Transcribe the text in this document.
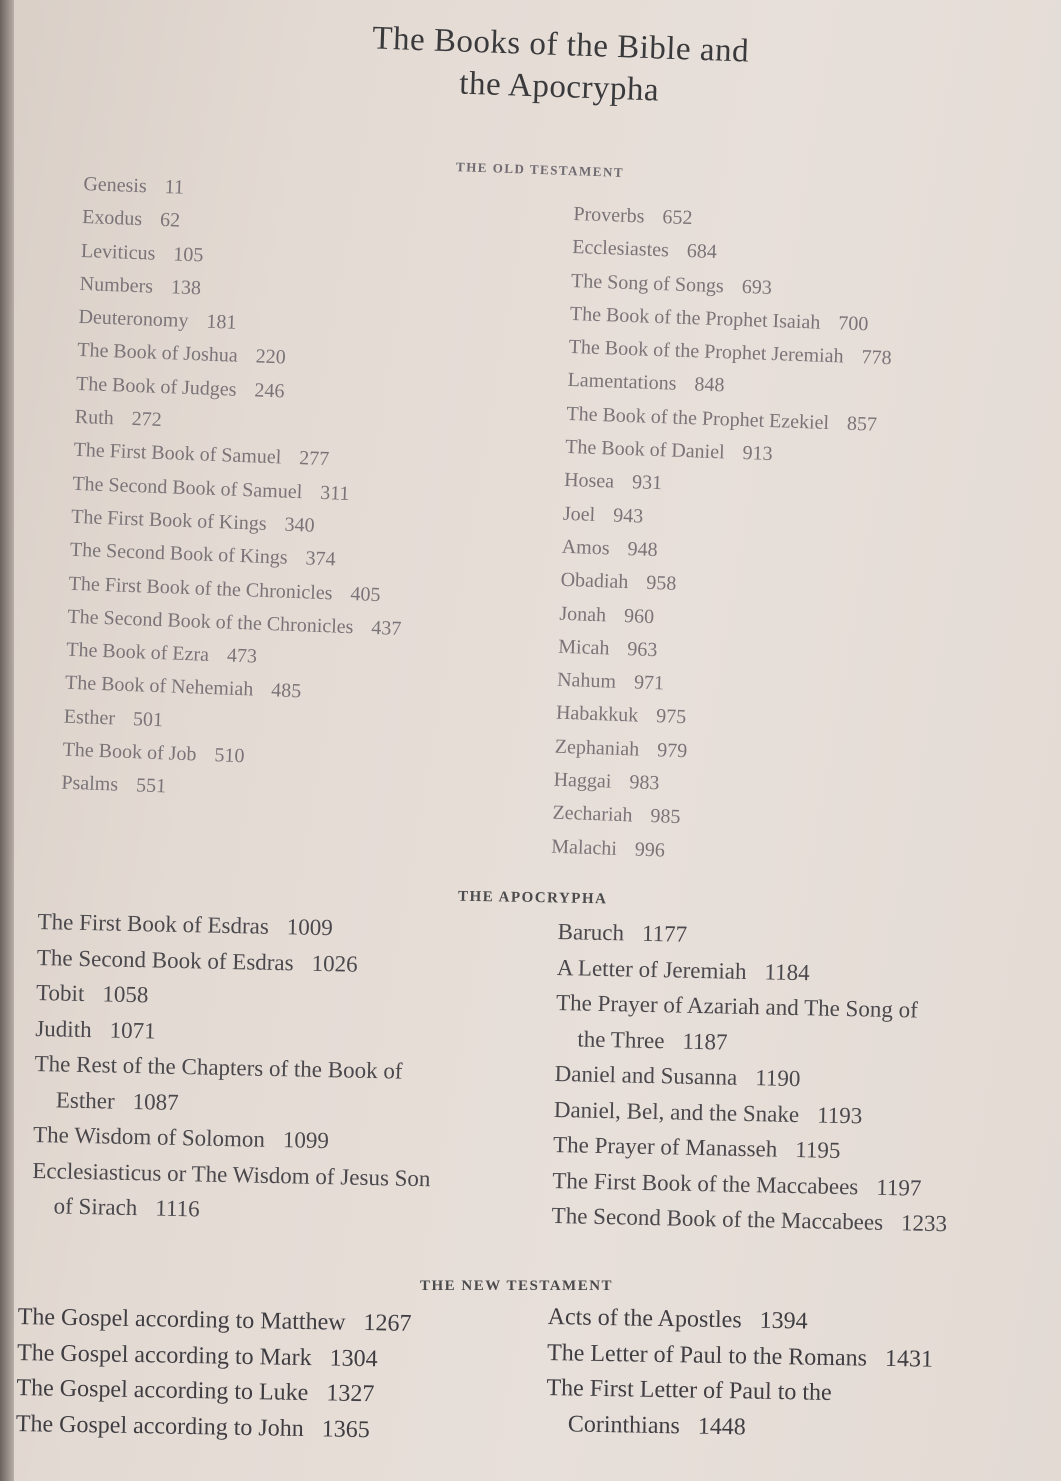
The Books of the Bible and
the Apocrypha
THE OLD TESTAMENT
Genesis 11
Exodus 62
Leviticus 105
Numbers 138
Deuteronomy 181
The Book of Joshua 220
The Book of Judges 246
Ruth 272
The First Book of Samuel 277
The Second Book of Samuel 311
The First Book of Kings 340
The Second Book of Kings 374
The First Book of the Chronicles 405
The Second Book of the Chronicles 437
The Book of Ezra 473
The Book of Nehemiah 485
Esther 501
The Book of Job 510
Psalms 551
Proverbs 652
Ecclesiastes 684
The Song of Songs 693
The Book of the Prophet Isaiah 700
The Book of the Prophet Jeremiah 778
Lamentations 848
The Book of the Prophet Ezekiel 857
The Book of Daniel 913
Hosea 931
Joel 943
Amos 948
Obadiah 958
Jonah 960
Micah 963
Nahum 971
Habakkuk 975
Zephaniah 979
Haggai 983
Zechariah 985
Malachi 996
THE APOCRYPHA
The First Book of Esdras 1009
The Second Book of Esdras 1026
Tobit 1058
Judith 1071
The Rest of the Chapters of the Book of
Esther 1087
The Wisdom of Solomon 1099
Ecclesiasticus or The Wisdom of Jesus Son
of Sirach 1116
Baruch 1177
A Letter of Jeremiah 1184
The Prayer of Azariah and The Song of
the Three 1187
Daniel and Susanna 1190
Daniel, Bel, and the Snake 1193
The Prayer of Manasseh 1195
The First Book of the Maccabees 1197
The Second Book of the Maccabees 1233
THE NEW TESTAMENT
The Gospel according to Matthew 1267
The Gospel according to Mark 1304
The Gospel according to Luke 1327
The Gospel according to John 1365
Acts of the Apostles 1394
The Letter of Paul to the Romans 1431
The First Letter of Paul to the
Corinthians 1448
